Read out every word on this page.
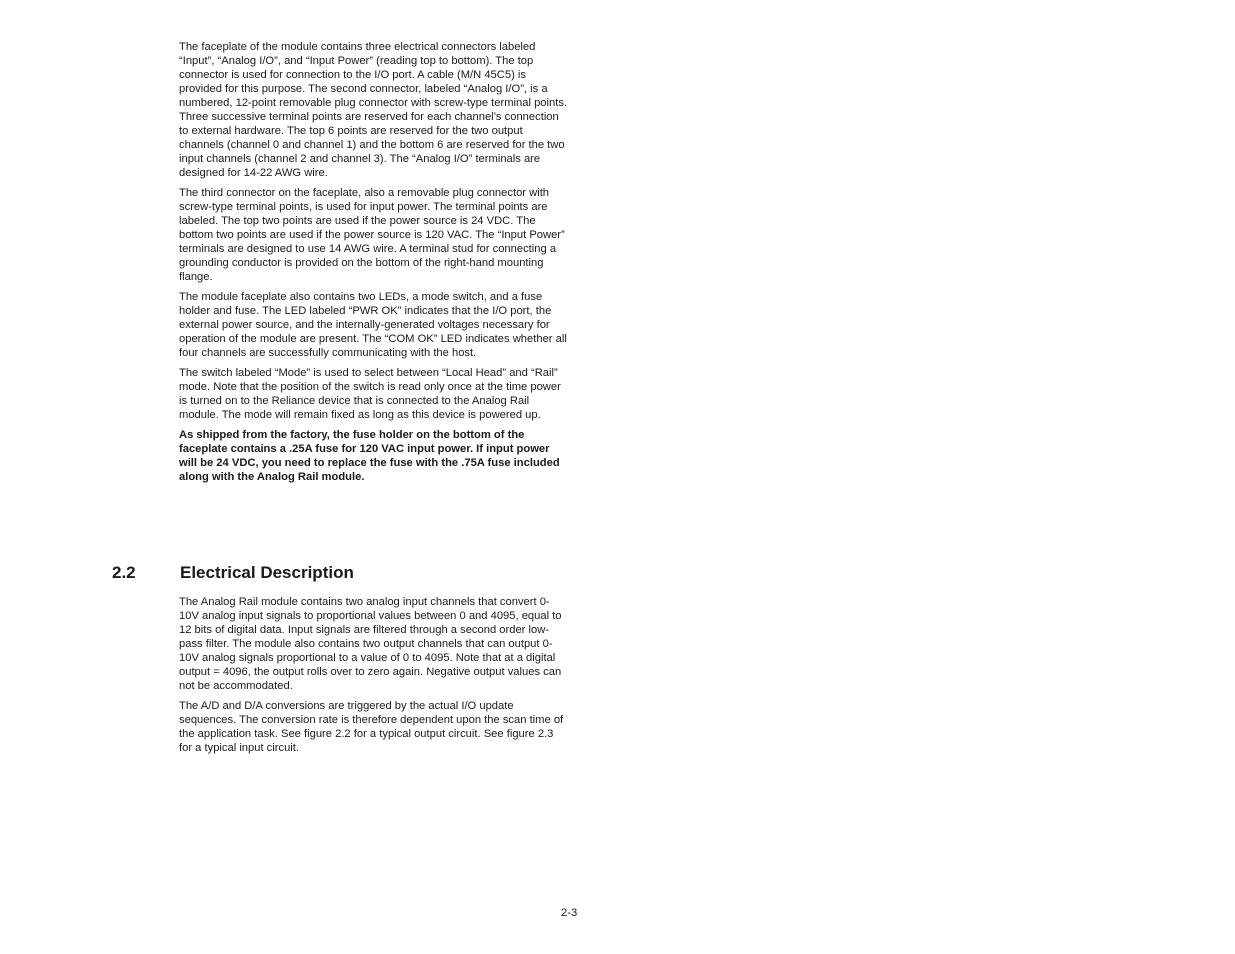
The faceplate of the module contains three electrical connectors labeled “Input”, “Analog I/O”, and “Input Power” (reading top to bottom). The top connector is used for connection to the I/O port. A cable (M/N 45C5) is provided for this purpose. The second connector, labeled “Analog I/O”, is a numbered, 12-point removable plug connector with screw-type terminal points. Three successive terminal points are reserved for each channel’s connection to external hardware. The top 6 points are reserved for the two output channels (channel 0 and channel 1) and the bottom 6 are reserved for the two input channels (channel 2 and channel 3). The “Analog I/O” terminals are designed for 14-22 AWG wire.

The third connector on the faceplate, also a removable plug connector with screw-type terminal points, is used for input power. The terminal points are labeled. The top two points are used if the power source is 24 VDC. The bottom two points are used if the power source is 120 VAC. The “Input Power” terminals are designed to use 14 AWG wire. A terminal stud for connecting a grounding conductor is provided on the bottom of the right-hand mounting flange.

The module faceplate also contains two LEDs, a mode switch, and a fuse holder and fuse. The LED labeled “PWR OK” indicates that the I/O port, the external power source, and the internally-generated voltages necessary for operation of the module are present. The “COM OK” LED indicates whether all four channels are successfully communicating with the host.

The switch labeled “Mode” is used to select between “Local Head” and “Rail” mode. Note that the position of the switch is read only once at the time power is turned on to the Reliance device that is connected to the Analog Rail module. The mode will remain fixed as long as this device is powered up.

As shipped from the factory, the fuse holder on the bottom of the faceplate contains a .25A fuse for 120 VAC input power. If input power will be 24 VDC, you need to replace the fuse with the .75A fuse included along with the Analog Rail module.

2.2	Electrical Description

The Analog Rail module contains two analog input channels that convert 0-10V analog input signals to proportional values between 0 and 4095, equal to 12 bits of digital data. Input signals are filtered through a second order low-pass filter. The module also contains two output channels that can output 0-10V analog signals proportional to a value of 0 to 4095. Note that at a digital output = 4096, the output rolls over to zero again. Negative output values can not be accommodated.

The A/D and D/A conversions are triggered by the actual I/O update sequences. The conversion rate is therefore dependent upon the scan time of the application task. See figure 2.2 for a typical output circuit. See figure 2.3 for a typical input circuit.

2-3
